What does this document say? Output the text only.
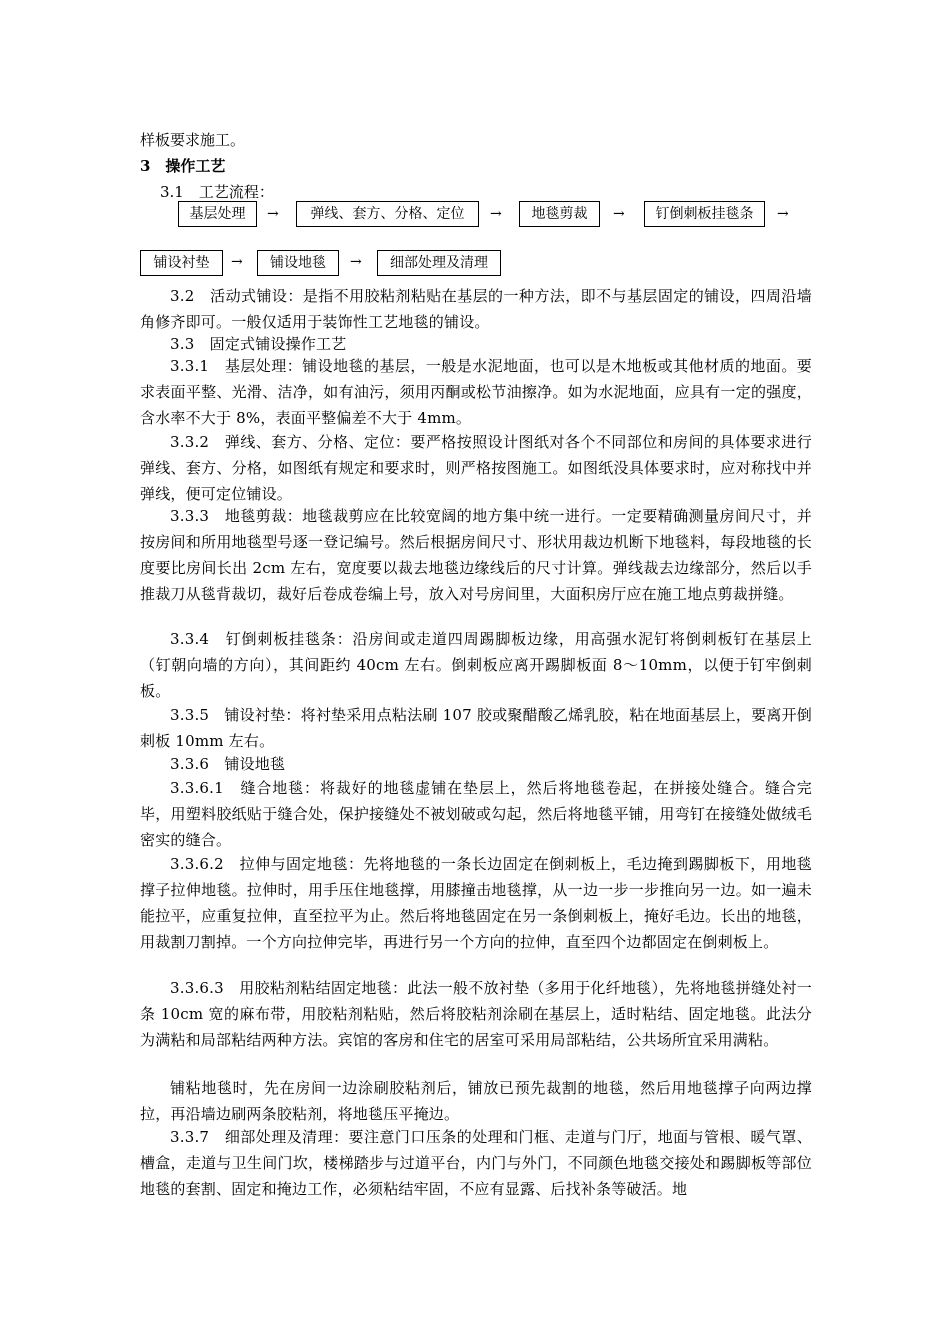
样板要求施工。

3　操作工艺

3.1　工艺流程：

基层处理	→	弹线、套方、分格、定位	→	地毯剪裁	→	钉倒刺板挂毯条	→
铺设衬垫	→	铺设地毯	→	细部处理及清理

3.2　活动式铺设：是指不用胶粘剂粘贴在基层的一种方法，即不与基层固定的铺设，四周沿墙角修齐即可。一般仅适用于装饰性工艺地毯的铺设。

3.3　固定式铺设操作工艺

3.3.1　基层处理：铺设地毯的基层，一般是水泥地面，也可以是木地板或其他材质的地面。要求表面平整、光滑、洁净，如有油污，须用丙酮或松节油擦净。如为水泥地面，应具有一定的强度，含水率不大于 8%，表面平整偏差不大于 4mm。

3.3.2　弹线、套方、分格、定位：要严格按照设计图纸对各个不同部位和房间的具体要求进行弹线、套方、分格，如图纸有规定和要求时，则严格按图施工。如图纸没具体要求时，应对称找中并弹线，便可定位铺设。

3.3.3　地毯剪裁：地毯裁剪应在比较宽阔的地方集中统一进行。一定要精确测量房间尺寸，并按房间和所用地毯型号逐一登记编号。然后根据房间尺寸、形状用裁边机断下地毯料，每段地毯的长度要比房间长出 2cm 左右，宽度要以裁去地毯边缘线后的尺寸计算。弹线裁去边缘部分，然后以手推裁刀从毯背裁切，裁好后卷成卷编上号，放入对号房间里，大面积房厅应在施工地点剪裁拼缝。

3.3.4　钉倒刺板挂毯条：沿房间或走道四周踢脚板边缘，用高强水泥钉将倒刺板钉在基层上（钉朝向墙的方向），其间距约 40cm 左右。倒刺板应离开踢脚板面 8～10mm，以便于钉牢倒刺板。

3.3.5　铺设衬垫：将衬垫采用点粘法刷 107 胶或聚醋酸乙烯乳胶，粘在地面基层上，要离开倒刺板 10mm 左右。

3.3.6　铺设地毯

3.3.6.1　缝合地毯：将裁好的地毯虚铺在垫层上，然后将地毯卷起，在拼接处缝合。缝合完毕，用塑料胶纸贴于缝合处，保护接缝处不被划破或勾起，然后将地毯平铺，用弯钉在接缝处做绒毛密实的缝合。

3.3.6.2　拉伸与固定地毯：先将地毯的一条长边固定在倒刺板上，毛边掩到踢脚板下，用地毯撑子拉伸地毯。拉伸时，用手压住地毯撑，用膝撞击地毯撑，从一边一步一步推向另一边。如一遍未能拉平，应重复拉伸，直至拉平为止。然后将地毯固定在另一条倒刺板上，掩好毛边。长出的地毯，用裁割刀割掉。一个方向拉伸完毕，再进行另一个方向的拉伸，直至四个边都固定在倒刺板上。

3.3.6.3　用胶粘剂粘结固定地毯：此法一般不放衬垫（多用于化纤地毯），先将地毯拼缝处衬一条 10cm 宽的麻布带，用胶粘剂粘贴，然后将胶粘剂涂刷在基层上，适时粘结、固定地毯。此法分为满粘和局部粘结两种方法。宾馆的客房和住宅的居室可采用局部粘结，公共场所宜采用满粘。

铺粘地毯时，先在房间一边涂刷胶粘剂后，铺放已预先裁割的地毯，然后用地毯撑子向两边撑拉，再沿墙边刷两条胶粘剂，将地毯压平掩边。

3.3.7　细部处理及清理：要注意门口压条的处理和门框、走道与门厅，地面与管根、暖气罩、槽盒，走道与卫生间门坎，楼梯踏步与过道平台，内门与外门，不同颜色地毯交接处和踢脚板等部位地毯的套割、固定和掩边工作，必须粘结牢固，不应有显露、后找补条等破活。地
